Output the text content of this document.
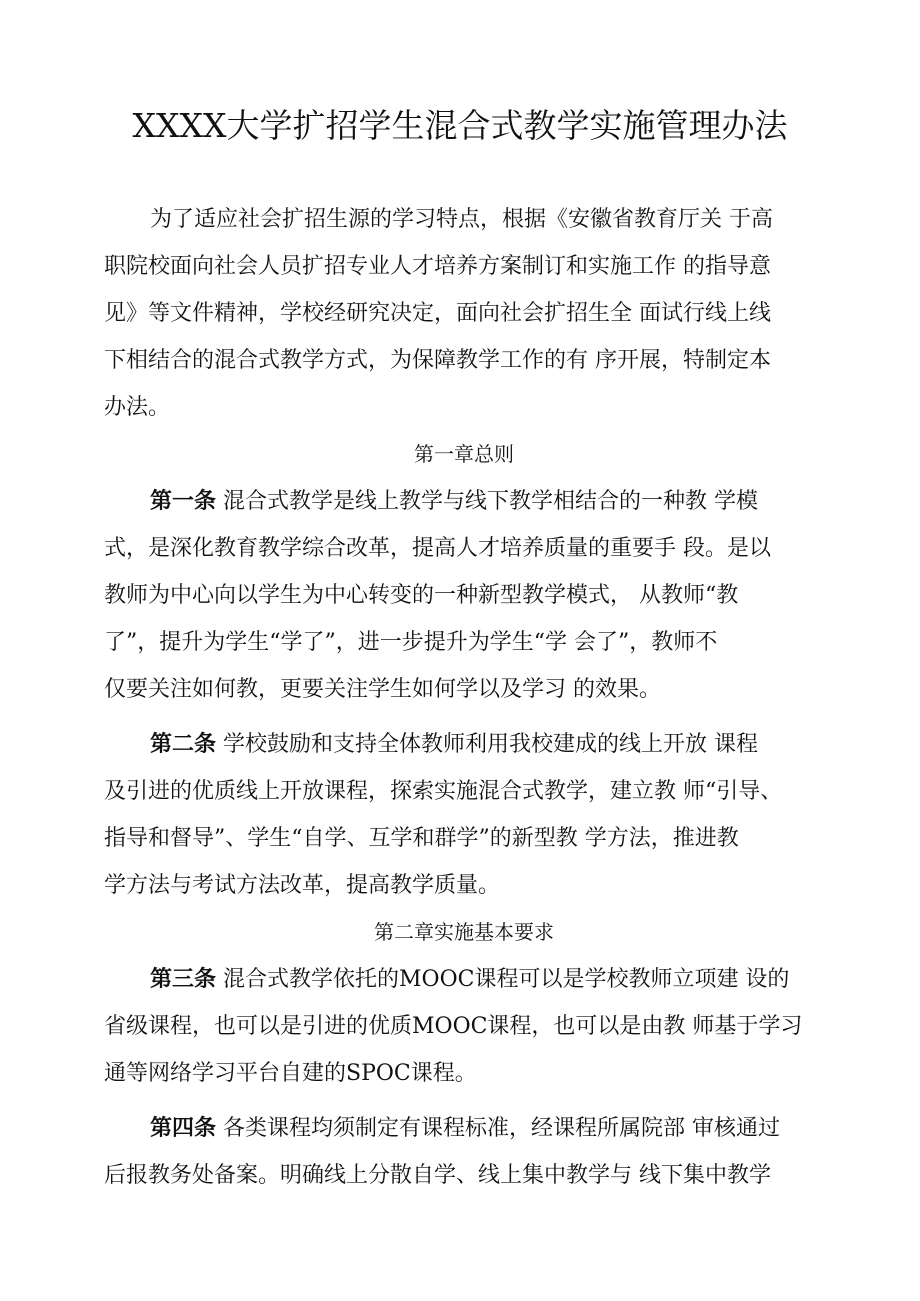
XXXX大学扩招学生混合式教学实施管理办法
为了适应社会扩招生源的学习特点，根据《安徽省教育厅关 于高
职院校面向社会人员扩招专业人才培养方案制订和实施工作 的指导意
见》等文件精神，学校经研究决定，面向社会扩招生全 面试行线上线
下相结合的混合式教学方式，为保障教学工作的有 序开展，特制定本
办法。
第一章总则
第一条 混合式教学是线上教学与线下教学相结合的一种教 学模
式，是深化教育教学综合改革，提高人才培养质量的重要手 段。是以
教师为中心向以学生为中心转变的一种新型教学模式， 从教师“教
了”，提升为学生“学了”，进一步提升为学生“学 会了”，教师不
仅要关注如何教，更要关注学生如何学以及学习 的效果。
第二条 学校鼓励和支持全体教师利用我校建成的线上开放 课程
及引进的优质线上开放课程，探索实施混合式教学，建立教 师“引导、
指导和督导”、学生“自学、互学和群学”的新型教 学方法，推进教
学方法与考试方法改革，提高教学质量。
第二章实施基本要求
第三条 混合式教学依托的MOOC课程可以是学校教师立项建 设的
省级课程，也可以是引进的优质MOOC课程，也可以是由教 师基于学习
通等网络学习平台自建的SPOC课程。
第四条 各类课程均须制定有课程标准，经课程所属院部 审核通过
后报教务处备案。明确线上分散自学、线上集中教学与 线下集中教学
